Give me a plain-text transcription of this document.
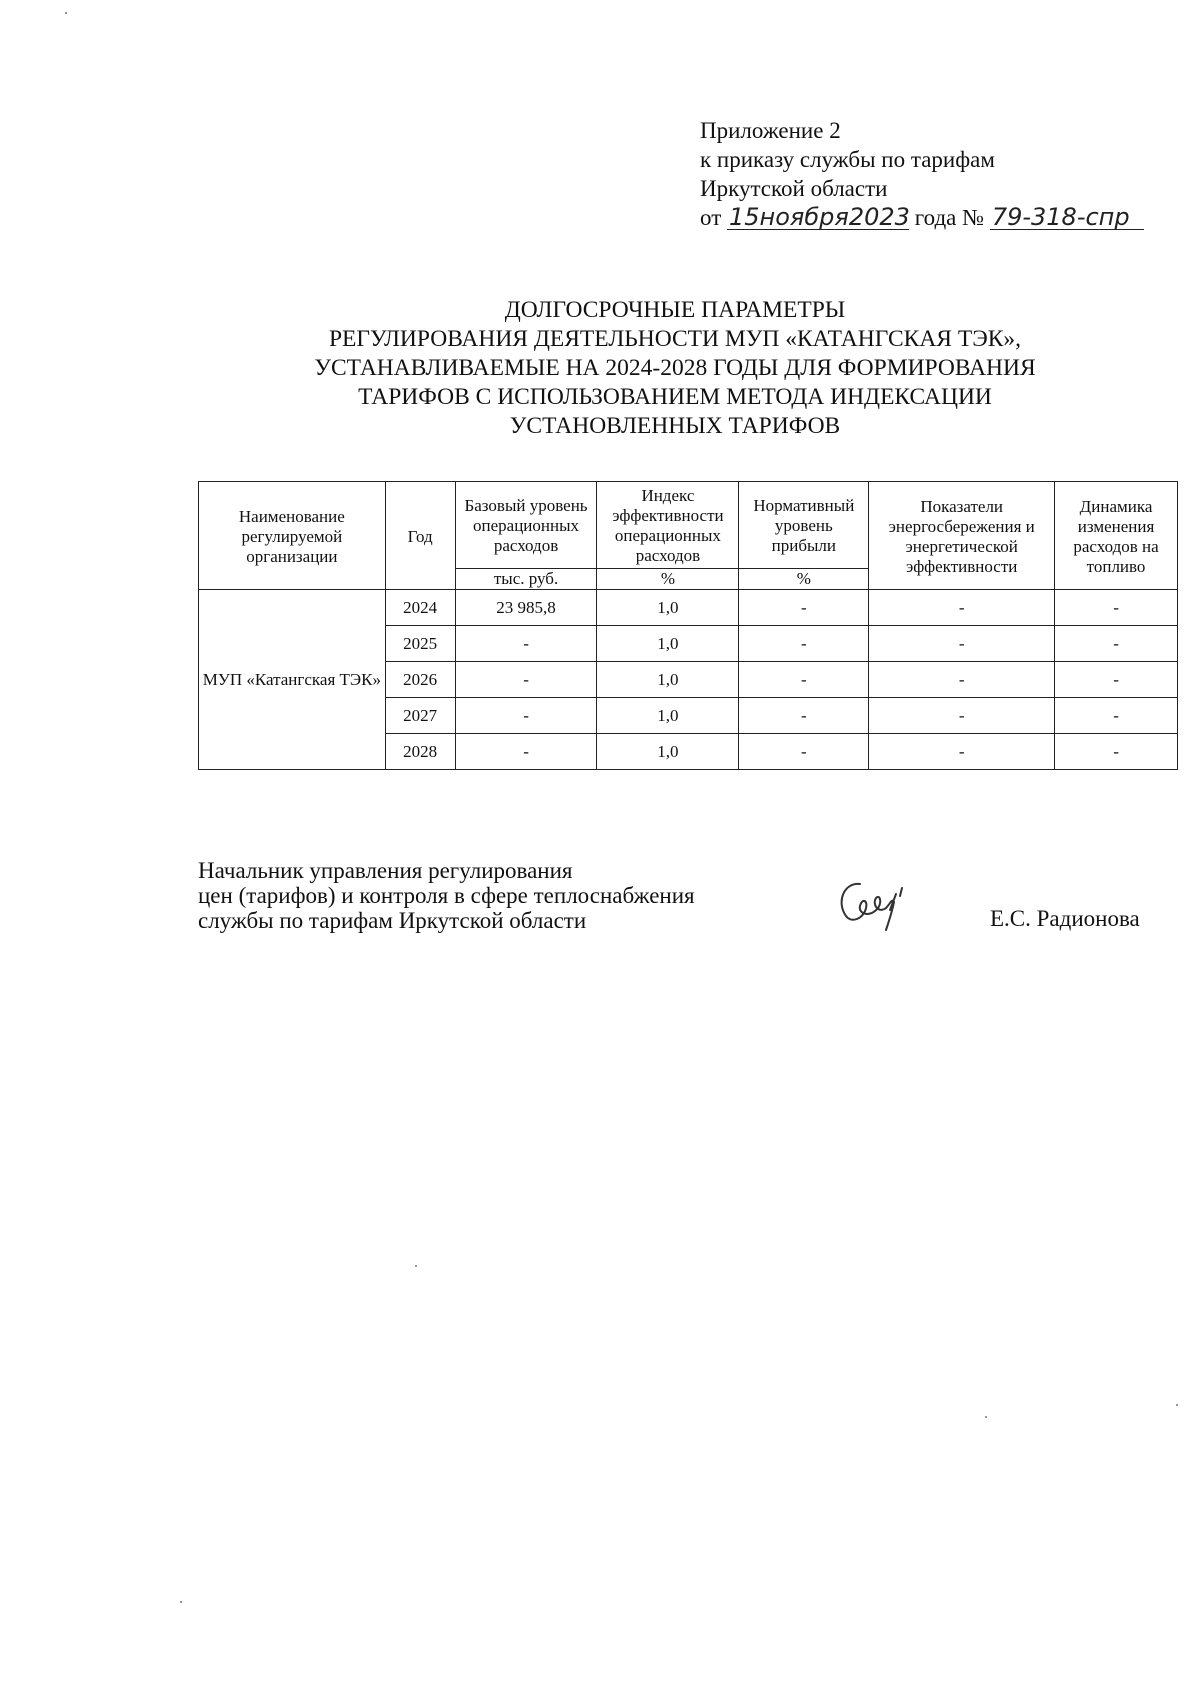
Приложение 2
к приказу службы по тарифам
Иркутской области
от 15ноября2023 года № 79-318-спр
ДОЛГОСРОЧНЫЕ ПАРАМЕТРЫ
РЕГУЛИРОВАНИЯ ДЕЯТЕЛЬНОСТИ МУП «КАТАНГСКАЯ ТЭК»,
УСТАНАВЛИВАЕМЫЕ НА 2024-2028 ГОДЫ ДЛЯ ФОРМИРОВАНИЯ
ТАРИФОВ С ИСПОЛЬЗОВАНИЕМ МЕТОДА ИНДЕКСАЦИИ
УСТАНОВЛЕННЫХ ТАРИФОВ
Наименование регулируемой организации	Год	Базовый уровень операционных расходов	Индекс эффективности операционных расходов	Нормативный уровень прибыли	Показатели энергосбережения и энергетической эффективности	Динамика изменения расходов на топливо
		тыс. руб.	%	%		
МУП «Катангская ТЭК»	2024	23 985,8	1,0	-	-	-
	2025	-	1,0	-	-	-
	2026	-	1,0	-	-	-
	2027	-	1,0	-	-	-
	2028	-	1,0	-	-	-
Начальник управления регулирования
цен (тарифов) и контроля в сфере теплоснабжения
службы по тарифам Иркутской области	Е.С. Радионова
